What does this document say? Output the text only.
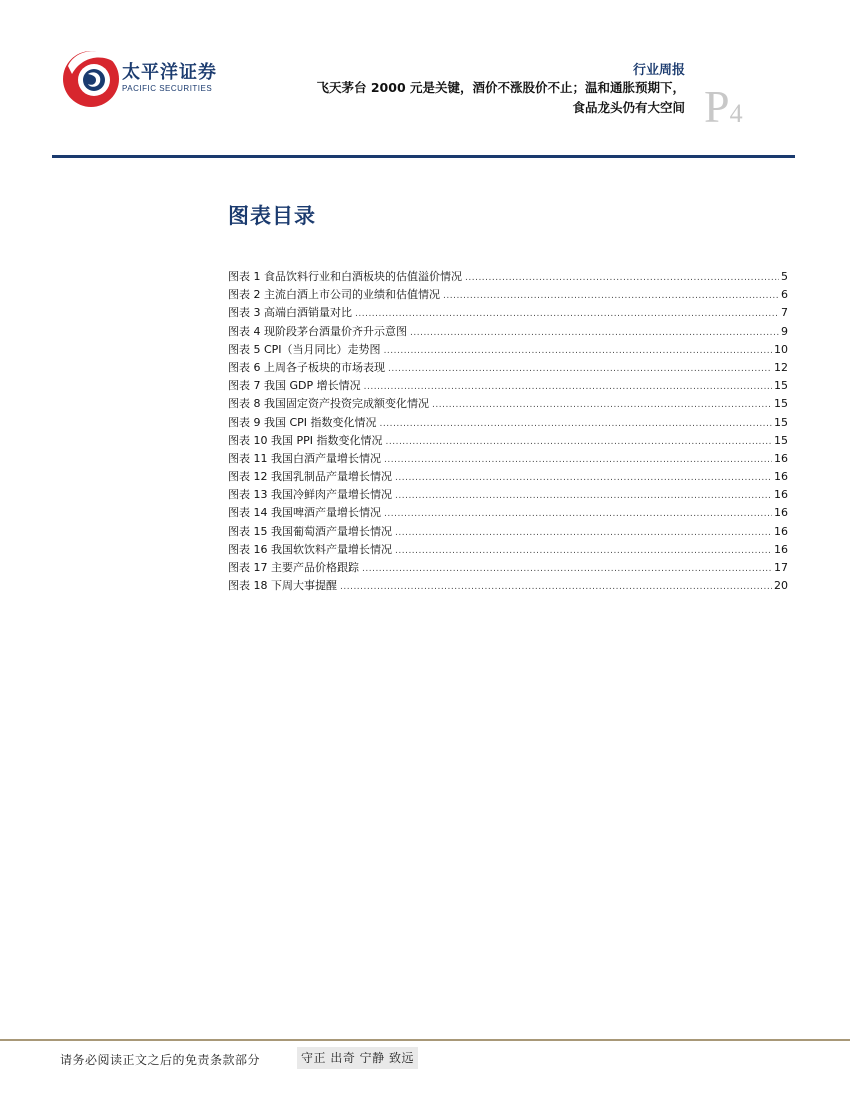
太平洋证券
PACIFIC SECURITIES
行业周报
飞天茅台 2000 元是关键，酒价不涨股价不止；温和通胀预期下，
食品龙头仍有大空间 P4
图表目录
图表 1 食品饮料行业和白酒板块的估值溢价情况 .....	5
图表 2 主流白酒上市公司的业绩和估值情况 .....	6
图表 3 高端白酒销量对比 .....	7
图表 4 现阶段茅台酒量价齐升示意图 .....	9
图表 5 CPI（当月同比）走势图 .....	10
图表 6 上周各子板块的市场表现 .....	12
图表 7 我国 GDP 增长情况 .....	15
图表 8 我国固定资产投资完成额变化情况 .....	15
图表 9 我国 CPI 指数变化情况 .....	15
图表 10 我国 PPI 指数变化情况 .....	15
图表 11 我国白酒产量增长情况 .....	16
图表 12 我国乳制品产量增长情况 .....	16
图表 13 我国冷鲜肉产量增长情况 .....	16
图表 14 我国啤酒产量增长情况 .....	16
图表 15 我国葡萄酒产量增长情况 .....	16
图表 16 我国软饮料产量增长情况 .....	16
图表 17 主要产品价格跟踪 .....	17
图表 18 下周大事提醒 .....	20
请务必阅读正文之后的免责条款部分	守正 出奇 宁静 致远
